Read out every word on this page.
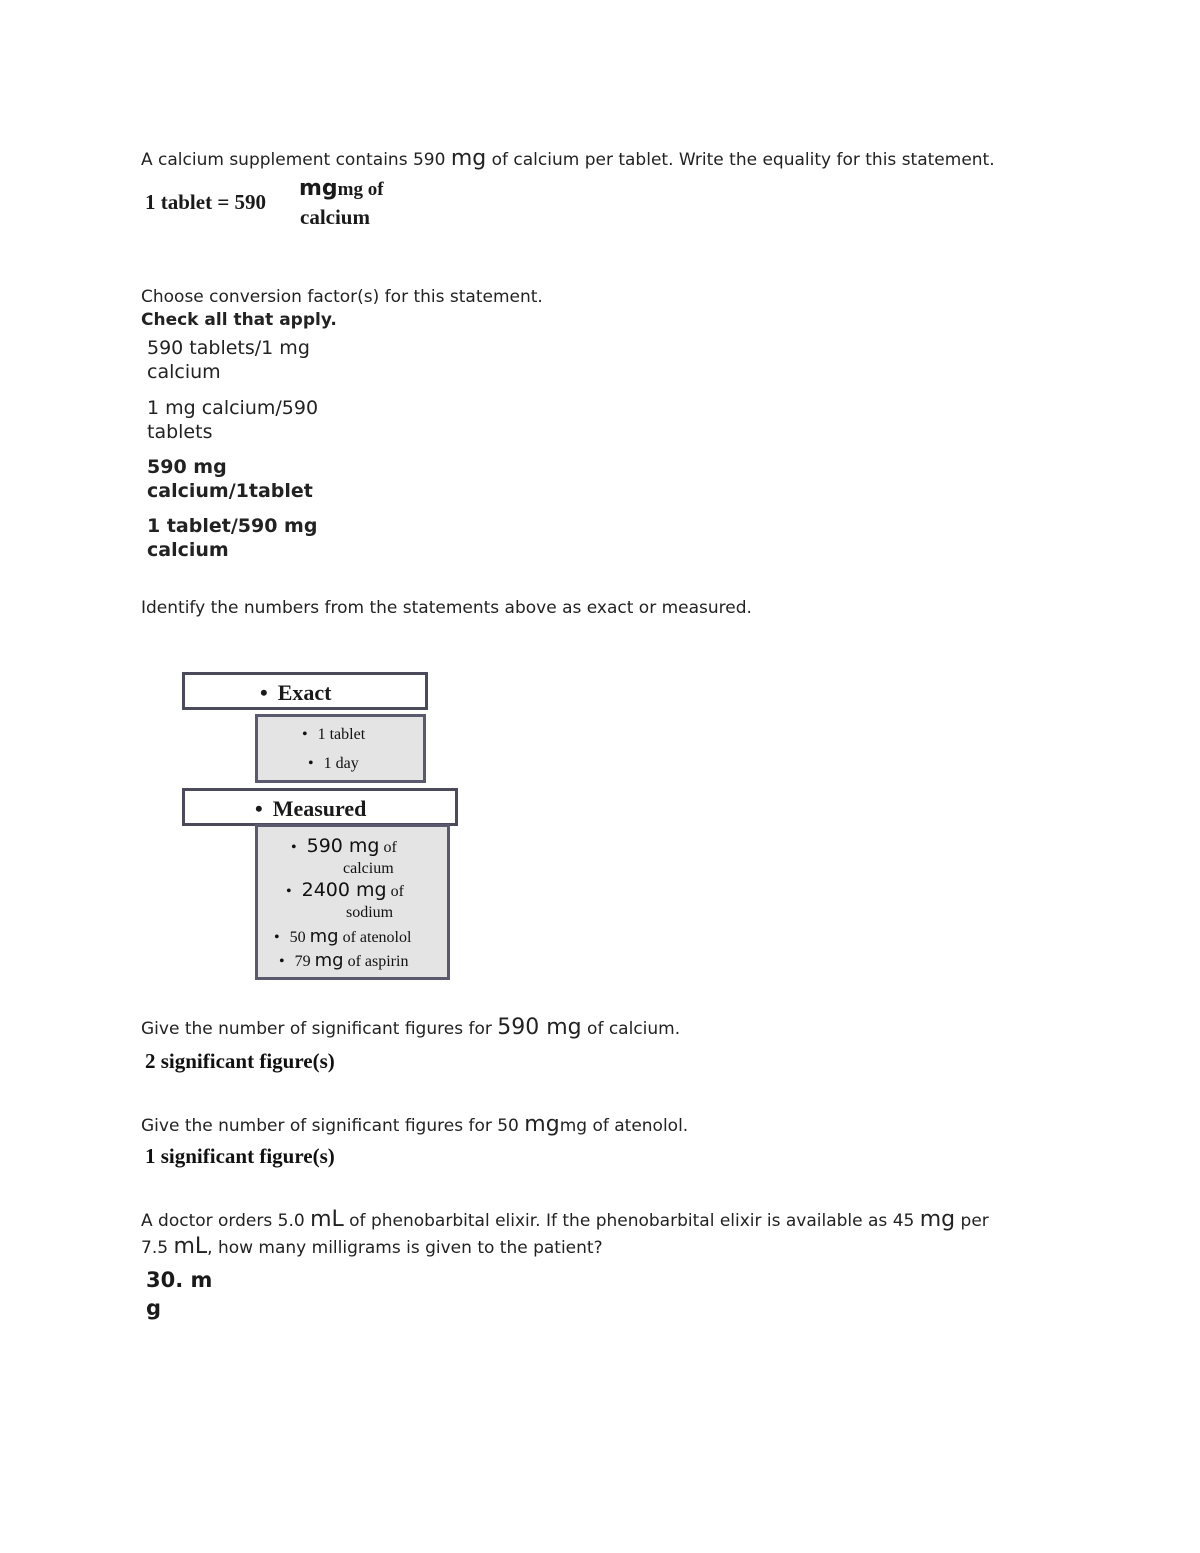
A calcium supplement contains 590 mg of calcium per tablet. Write the equality for this statement.
1 tablet = 590
mgmg of
calcium
Choose conversion factor(s) for this statement.
Check all that apply.
590 tablets/1 mg
calcium
1 mg calcium/590
tablets
590 mg
calcium/1tablet
1 tablet/590 mg
calcium
Identify the numbers from the statements above as exact or measured.
• Exact
• 1 tablet
• 1 day
• Measured
• 590 mg of
calcium
• 2400 mg of
sodium
• 50 mg of atenolol
• 79 mg of aspirin
Give the number of significant figures for 590 mg of calcium.
2 significant figure(s)
Give the number of significant figures for 50 mgmg of atenolol.
1 significant figure(s)
A doctor orders 5.0 mL of phenobarbital elixir. If the phenobarbital elixir is available as 45 mg per
7.5 mL, how many milligrams is given to the patient?
30. m
g
